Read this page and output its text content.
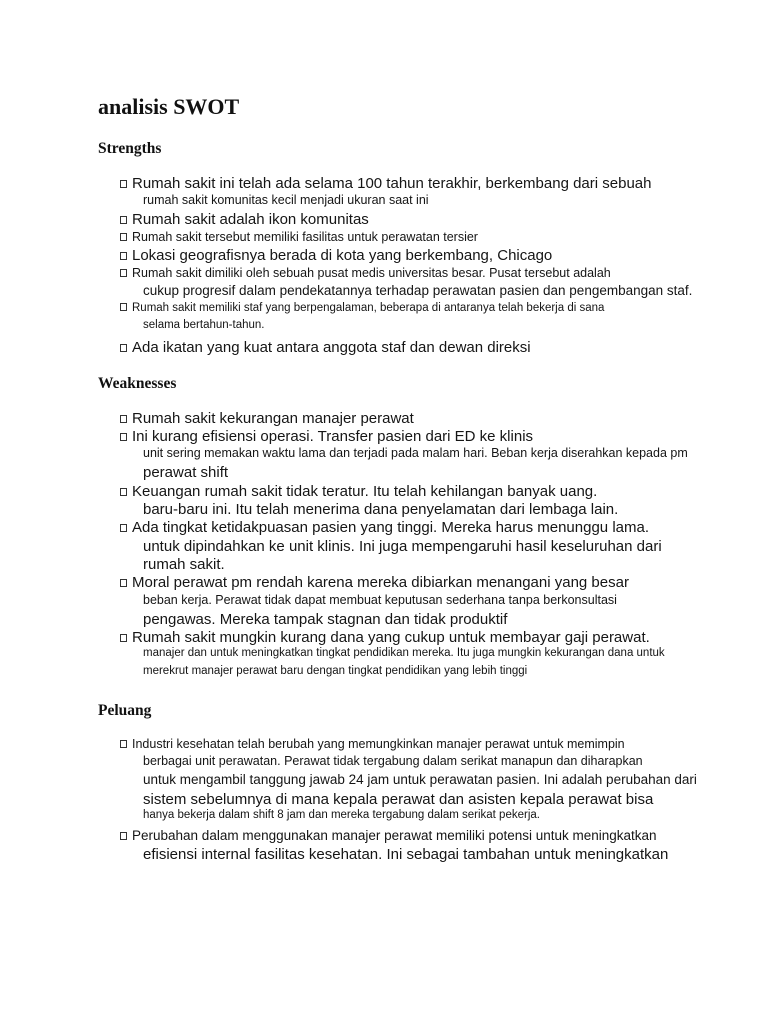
analisis SWOT
Strengths
Rumah sakit ini telah ada selama 100 tahun terakhir, berkembang dari sebuah
rumah sakit komunitas kecil menjadi ukuran saat ini
Rumah sakit adalah ikon komunitas
Rumah sakit tersebut memiliki fasilitas untuk perawatan tersier
Lokasi geografisnya berada di kota yang berkembang, Chicago
Rumah sakit dimiliki oleh sebuah pusat medis universitas besar. Pusat tersebut adalah
cukup progresif dalam pendekatannya terhadap perawatan pasien dan pengembangan staf.
Rumah sakit memiliki staf yang berpengalaman, beberapa di antaranya telah bekerja di sana
selama bertahun-tahun.
Ada ikatan yang kuat antara anggota staf dan dewan direksi
Weaknesses
Rumah sakit kekurangan manajer perawat
Ini kurang efisiensi operasi. Transfer pasien dari ED ke klinis
unit sering memakan waktu lama dan terjadi pada malam hari. Beban kerja diserahkan kepada pm
perawat shift
Keuangan rumah sakit tidak teratur. Itu telah kehilangan banyak uang.
baru-baru ini. Itu telah menerima dana penyelamatan dari lembaga lain.
Ada tingkat ketidakpuasan pasien yang tinggi. Mereka harus menunggu lama.
untuk dipindahkan ke unit klinis. Ini juga mempengaruhi hasil keseluruhan dari
rumah sakit.
Moral perawat pm rendah karena mereka dibiarkan menangani yang besar
beban kerja. Perawat tidak dapat membuat keputusan sederhana tanpa berkonsultasi
pengawas. Mereka tampak stagnan dan tidak produktif
Rumah sakit mungkin kurang dana yang cukup untuk membayar gaji perawat.
manajer dan untuk meningkatkan tingkat pendidikan mereka. Itu juga mungkin kekurangan dana untuk
merekrut manajer perawat baru dengan tingkat pendidikan yang lebih tinggi
Peluang
Industri kesehatan telah berubah yang memungkinkan manajer perawat untuk memimpin
berbagai unit perawatan. Perawat tidak tergabung dalam serikat manapun dan diharapkan
untuk mengambil tanggung jawab 24 jam untuk perawatan pasien. Ini adalah perubahan dari
sistem sebelumnya di mana kepala perawat dan asisten kepala perawat bisa
hanya bekerja dalam shift 8 jam dan mereka tergabung dalam serikat pekerja.
Perubahan dalam menggunakan manajer perawat memiliki potensi untuk meningkatkan
efisiensi internal fasilitas kesehatan. Ini sebagai tambahan untuk meningkatkan
